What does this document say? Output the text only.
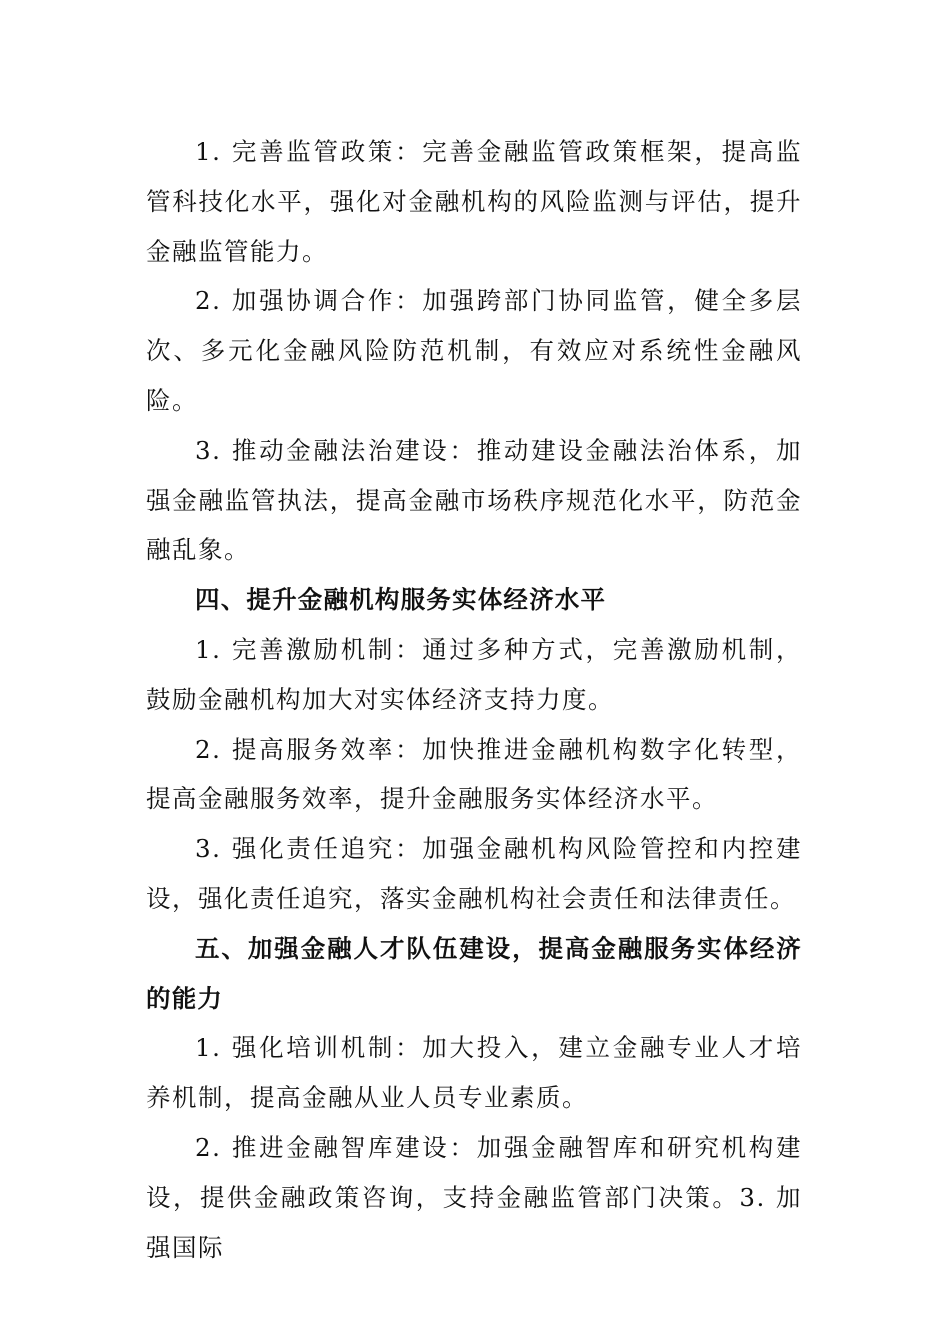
1. 完善监管政策：完善金融监管政策框架，提高监管科技化水平，强化对金融机构的风险监测与评估，提升金融监管能力。

2. 加强协调合作：加强跨部门协同监管，健全多层次、多元化金融风险防范机制，有效应对系统性金融风险。

3. 推动金融法治建设：推动建设金融法治体系，加强金融监管执法，提高金融市场秩序规范化水平，防范金融乱象。

四、提升金融机构服务实体经济水平

1. 完善激励机制：通过多种方式，完善激励机制，鼓励金融机构加大对实体经济支持力度。

2. 提高服务效率：加快推进金融机构数字化转型，提高金融服务效率，提升金融服务实体经济水平。

3. 强化责任追究：加强金融机构风险管控和内控建设，强化责任追究，落实金融机构社会责任和法律责任。

五、加强金融人才队伍建设，提高金融服务实体经济的能力

1. 强化培训机制：加大投入，建立金融专业人才培养机制，提高金融从业人员专业素质。

2. 推进金融智库建设：加强金融智库和研究机构建设，提供金融政策咨询，支持金融监管部门决策。3. 加强国际
